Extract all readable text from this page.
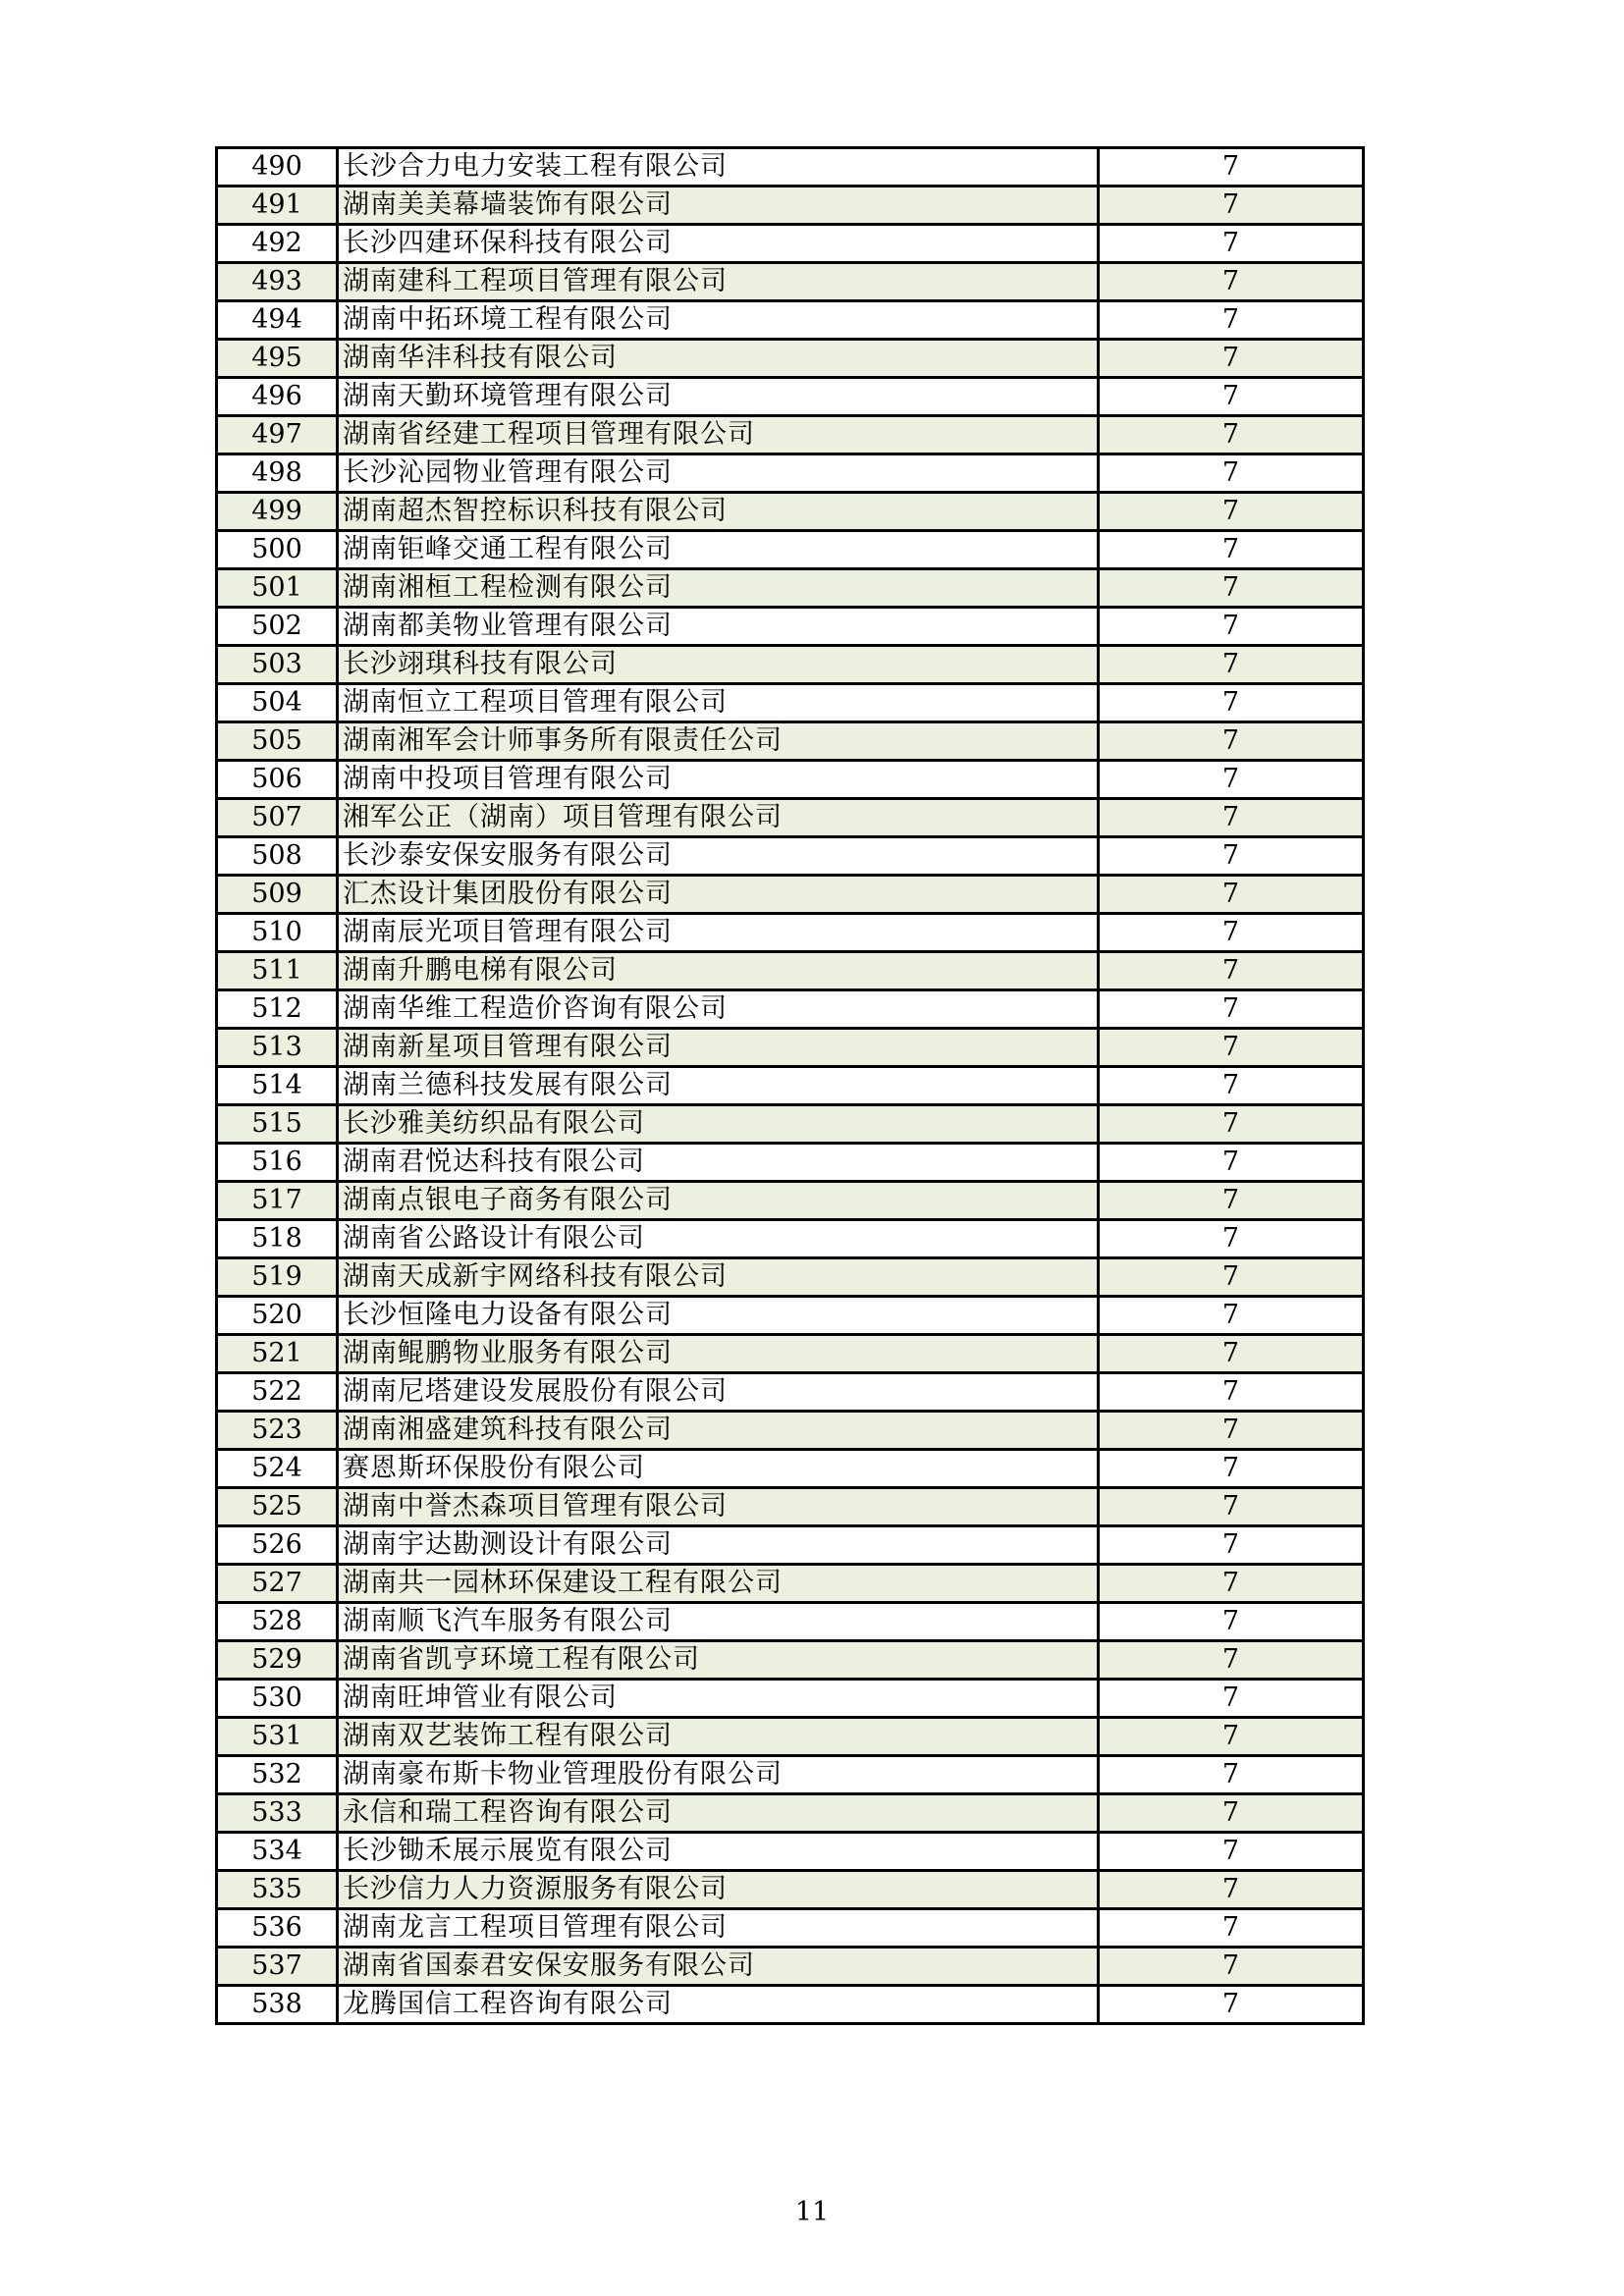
490	长沙合力电力安装工程有限公司	7
491	湖南美美幕墙装饰有限公司	7
492	长沙四建环保科技有限公司	7
493	湖南建科工程项目管理有限公司	7
494	湖南中拓环境工程有限公司	7
495	湖南华沣科技有限公司	7
496	湖南天勤环境管理有限公司	7
497	湖南省经建工程项目管理有限公司	7
498	长沙沁园物业管理有限公司	7
499	湖南超杰智控标识科技有限公司	7
500	湖南钜峰交通工程有限公司	7
501	湖南湘桓工程检测有限公司	7
502	湖南都美物业管理有限公司	7
503	长沙翊琪科技有限公司	7
504	湖南恒立工程项目管理有限公司	7
505	湖南湘军会计师事务所有限责任公司	7
506	湖南中投项目管理有限公司	7
507	湘军公正（湖南）项目管理有限公司	7
508	长沙泰安保安服务有限公司	7
509	汇杰设计集团股份有限公司	7
510	湖南辰光项目管理有限公司	7
511	湖南升鹏电梯有限公司	7
512	湖南华维工程造价咨询有限公司	7
513	湖南新星项目管理有限公司	7
514	湖南兰德科技发展有限公司	7
515	长沙雅美纺织品有限公司	7
516	湖南君悦达科技有限公司	7
517	湖南点银电子商务有限公司	7
518	湖南省公路设计有限公司	7
519	湖南天成新宇网络科技有限公司	7
520	长沙恒隆电力设备有限公司	7
521	湖南鲲鹏物业服务有限公司	7
522	湖南尼塔建设发展股份有限公司	7
523	湖南湘盛建筑科技有限公司	7
524	赛恩斯环保股份有限公司	7
525	湖南中誉杰森项目管理有限公司	7
526	湖南宇达勘测设计有限公司	7
527	湖南共一园林环保建设工程有限公司	7
528	湖南顺飞汽车服务有限公司	7
529	湖南省凯亨环境工程有限公司	7
530	湖南旺坤管业有限公司	7
531	湖南双艺装饰工程有限公司	7
532	湖南豪布斯卡物业管理股份有限公司	7
533	永信和瑞工程咨询有限公司	7
534	长沙锄禾展示展览有限公司	7
535	长沙信力人力资源服务有限公司	7
536	湖南龙言工程项目管理有限公司	7
537	湖南省国泰君安保安服务有限公司	7
538	龙腾国信工程咨询有限公司	7
11
